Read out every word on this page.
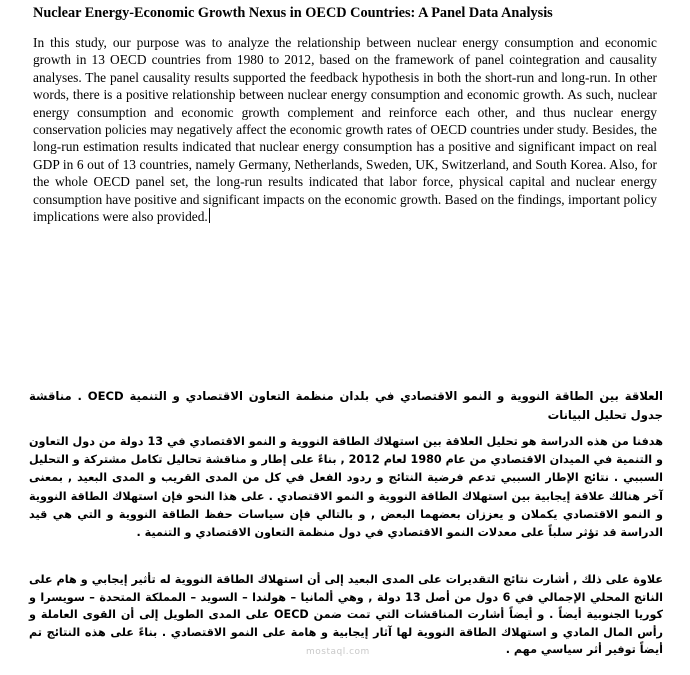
Nuclear Energy-Economic Growth Nexus in OECD Countries: A Panel Data Analysis

In this study, our purpose was to analyze the relationship between nuclear energy consumption and economic growth in 13 OECD countries from 1980 to 2012, based on the framework of panel cointegration and causality analyses. The panel causality results supported the feedback hypothesis in both the short-run and long-run. In other words, there is a positive relationship between nuclear energy consumption and economic growth. As such, nuclear energy consumption and economic growth complement and reinforce each other, and thus nuclear energy conservation policies may negatively affect the economic growth rates of OECD countries under study. Besides, the long-run estimation results indicated that nuclear energy consumption has a positive and significant impact on real GDP in 6 out of 13 countries, namely Germany, Netherlands, Sweden, UK, Switzerland, and South Korea. Also, for the whole OECD panel set, the long-run results indicated that labor force, physical capital and nuclear energy consumption have positive and significant impacts on the economic growth. Based on the findings, important policy implications were also provided.

العلاقة بين الطاقة النووية و النمو الاقتصادي في بلدان منظمة التعاون الاقتصادي و التنمية OECD . مناقشة جدول تحليل البيانات

هدفنا من هذه الدراسة هو تحليل العلاقة بين استهلاك الطاقة النووية و النمو الاقتصادي في 13 دولة من دول التعاون و التنمية في الميدان الاقتصادي من عام 1980 لعام 2012 , بناءً على إطار و مناقشة تحاليل تكامل مشتركة و التحليل السببي . نتائج الإطار السببي تدعم فرضية النتائج و ردود الفعل في كل من المدى القريب و المدى البعيد , بمعنى آخر هنالك علاقة إيجابية بين استهلاك الطاقة النووية و النمو الاقتصادي . على هذا النحو فإن استهلاك الطاقة النووية و النمو الاقتصادي يكملان و يعززان بعضهما البعض , و بالتالي فإن سياسات حفظ الطاقة النووية و التي هي قيد الدراسة قد تؤثر سلباً على معدلات النمو الاقتصادي في دول منظمة التعاون الاقتصادي و التنمية .

علاوة على ذلك , أشارت نتائج التقديرات على المدى البعيد إلى أن استهلاك الطاقة النووية له تأثير إيجابي و هام على الناتج المحلي الإجمالي في 6 دول من أصل 13 دولة , وهي ألمانيا – هولندا – السويد – المملكة المتحدة – سويسرا و كوريا الجنوبية أيضاً . و أيضاً أشارت المناقشات التي تمت ضمن OECD على المدى الطويل إلى أن القوى العاملة و رأس المال المادي و استهلاك الطاقة النووية لها آثار إيجابية و هامة على النمو الاقتصادي . بناءً على هذه النتائج تم أيضاً توفير أثر سياسي مهم .

mostaql.com
